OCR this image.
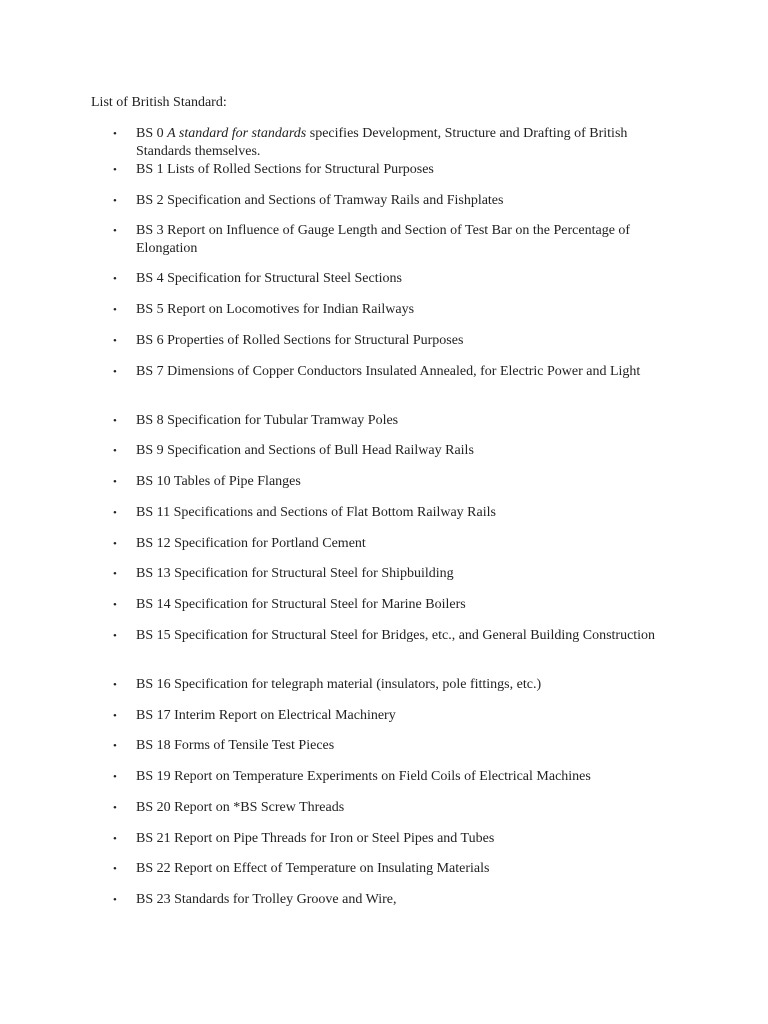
List of British Standard:
• BS 0 A standard for standards specifies Development, Structure and Drafting of British Standards themselves.
• BS 1 Lists of Rolled Sections for Structural Purposes
• BS 2 Specification and Sections of Tramway Rails and Fishplates
• BS 3 Report on Influence of Gauge Length and Section of Test Bar on the Percentage of Elongation
• BS 4 Specification for Structural Steel Sections
• BS 5 Report on Locomotives for Indian Railways
• BS 6 Properties of Rolled Sections for Structural Purposes
• BS 7 Dimensions of Copper Conductors Insulated Annealed, for Electric Power and Light
• BS 8 Specification for Tubular Tramway Poles
• BS 9 Specification and Sections of Bull Head Railway Rails
• BS 10 Tables of Pipe Flanges
• BS 11 Specifications and Sections of Flat Bottom Railway Rails
• BS 12 Specification for Portland Cement
• BS 13 Specification for Structural Steel for Shipbuilding
• BS 14 Specification for Structural Steel for Marine Boilers
• BS 15 Specification for Structural Steel for Bridges, etc., and General Building Construction
• BS 16 Specification for telegraph material (insulators, pole fittings, etc.)
• BS 17 Interim Report on Electrical Machinery
• BS 18 Forms of Tensile Test Pieces
• BS 19 Report on Temperature Experiments on Field Coils of Electrical Machines
• BS 20 Report on *BS Screw Threads
• BS 21 Report on Pipe Threads for Iron or Steel Pipes and Tubes
• BS 22 Report on Effect of Temperature on Insulating Materials
• BS 23 Standards for Trolley Groove and Wire,
